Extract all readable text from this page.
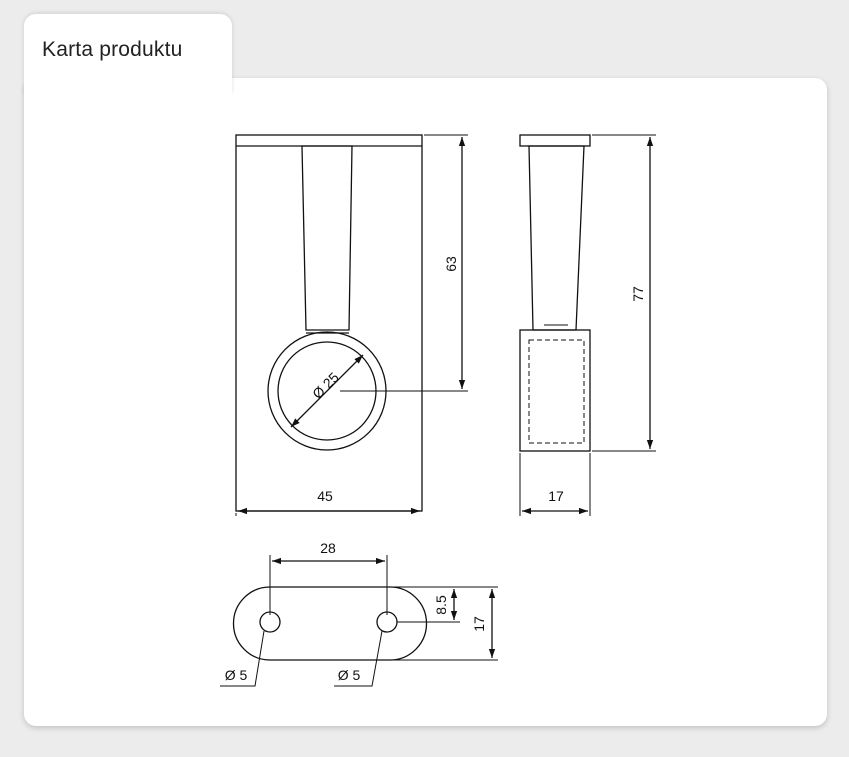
Karta produktu
45
63
Ø 25
17
77
28
8.5
17
Ø 5	Ø 5
